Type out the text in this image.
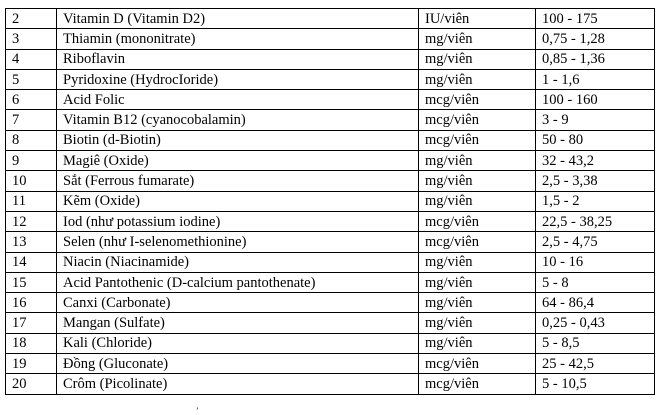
2	Vitamin D (Vitamin D2)	IU/viên	100 - 175
3	Thiamin (mononitrate)	mg/viên	0,75 - 1,28
4	Riboflavin	mg/viên	0,85 - 1,36
5	Pyridoxine (HydrocIoride)	mg/viên	1 - 1,6
6	Acid Folic	mcg/viên	100 - 160
7	Vitamin B12 (cyanocobalamin)	mcg/viên	3 - 9
8	Biotin (d-Biotin)	mcg/viên	50 - 80
9	Magiê (Oxide)	mg/viên	32 - 43,2
10	Sắt (Ferrous fumarate)	mg/viên	2,5 - 3,38
11	Kẽm (Oxide)	mg/viên	1,5 - 2
12	Iod (như potassium iodine)	mcg/viên	22,5 - 38,25
13	Selen (như I-selenomethionine)	mcg/viên	2,5 - 4,75
14	Niacin (Niacinamide)	mg/viên	10 - 16
15	Acid Pantothenic (D-calcium pantothenate)	mg/viên	5 - 8
16	Canxi (Carbonate)	mg/viên	64 - 86,4
17	Mangan (Sulfate)	mg/viên	0,25 - 0,43
18	Kali (Chloride)	mg/viên	5 - 8,5
19	Đồng (Gluconate)	mcg/viên	25 - 42,5
20	Crôm (Picolinate)	mcg/viên	5 - 10,5
’
